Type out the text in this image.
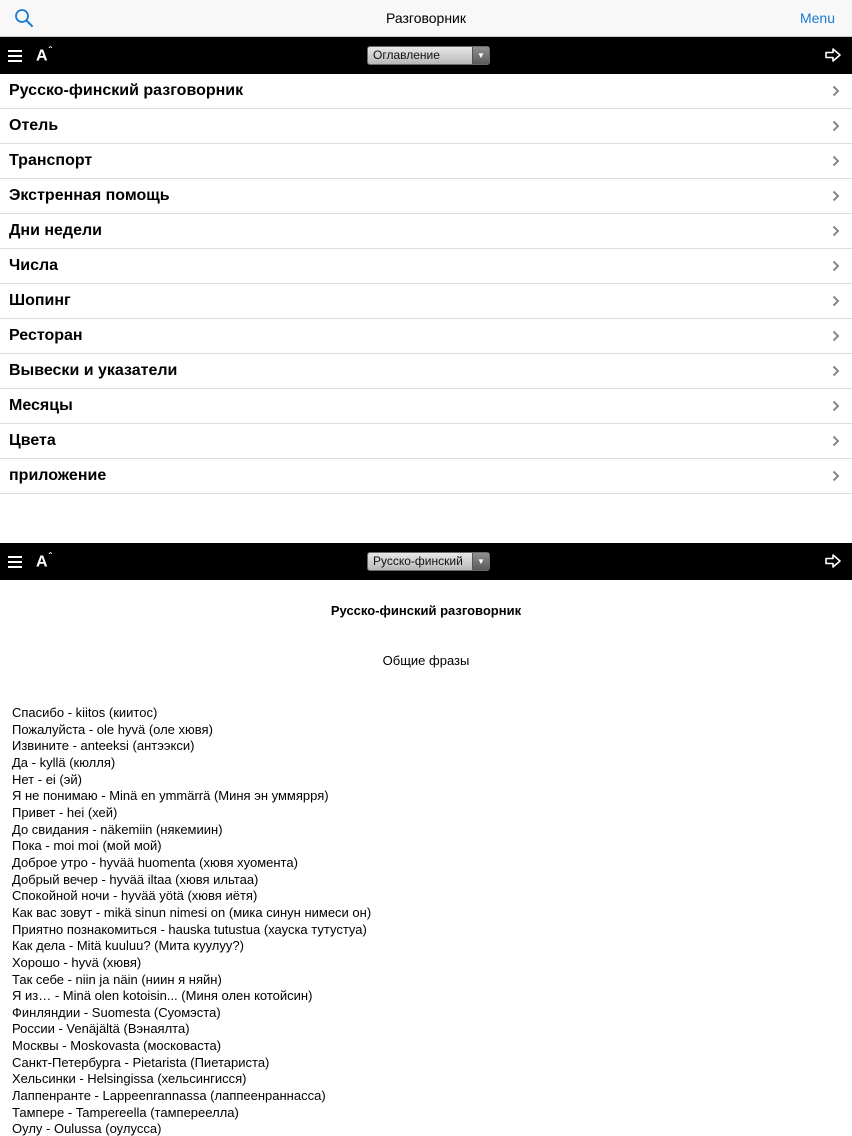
Разговорник	Menu
$A^ˆ$	Оглавление	▼
Русско-финский разговорник
Отель
Транспорт
Экстренная помощь
Дни недели
Числа
Шопинг
Ресторан
Вывески и указатели
Месяцы
Цвета
приложение
$A^ˆ$	Русско-финский	▼
Русско-финский разговорник
Общие фразы
Спасибо - kiitos (киитос)
Пожалуйста - ole hyvä (оле хювя)
Извините - anteeksi (антээкси)
Да - kyllä (кюлля)
Нет - ei (эй)
Я не понимаю - Minä en ymmärrä (Миня эн уммярря)
Привет - hei (хей)
До свидания - näkemiin (някемиин)
Пока - moi moi (мой мой)
Доброе утро - hyvää huomenta (хювя хуомента)
Добрый вечер - hyvää iltaa (хювя ильтаа)
Спокойной ночи - hyvää yötä (хювя иётя)
Как вас зовут - mikä sinun nimesi on (мика синун нимеси он)
Приятно познакомиться - hauska tutustua (хауска тутустуа)
Как дела - Mitä kuuluu? (Мита куулуу?)
Хорошо - hyvä (хювя)
Так себе - niin ja näin (ниин я няйн)
Я из… - Minä olen kotoisin... (Миня олен котойсин)
Финляндии - Suomesta (Суомэста)
России - Venäjältä (Вэнаялта)
Москвы - Moskovasta (московаста)
Санкт-Петербурга - Pietarista (Пиетариста)
Хельсинки - Helsingissa (хельсингисся)
Лаппенранте - Lappeenrannassa (лаппеенраннасса)
Тампере - Tampereella (тампереелла)
Оулу - Oulussa (оулусса)
